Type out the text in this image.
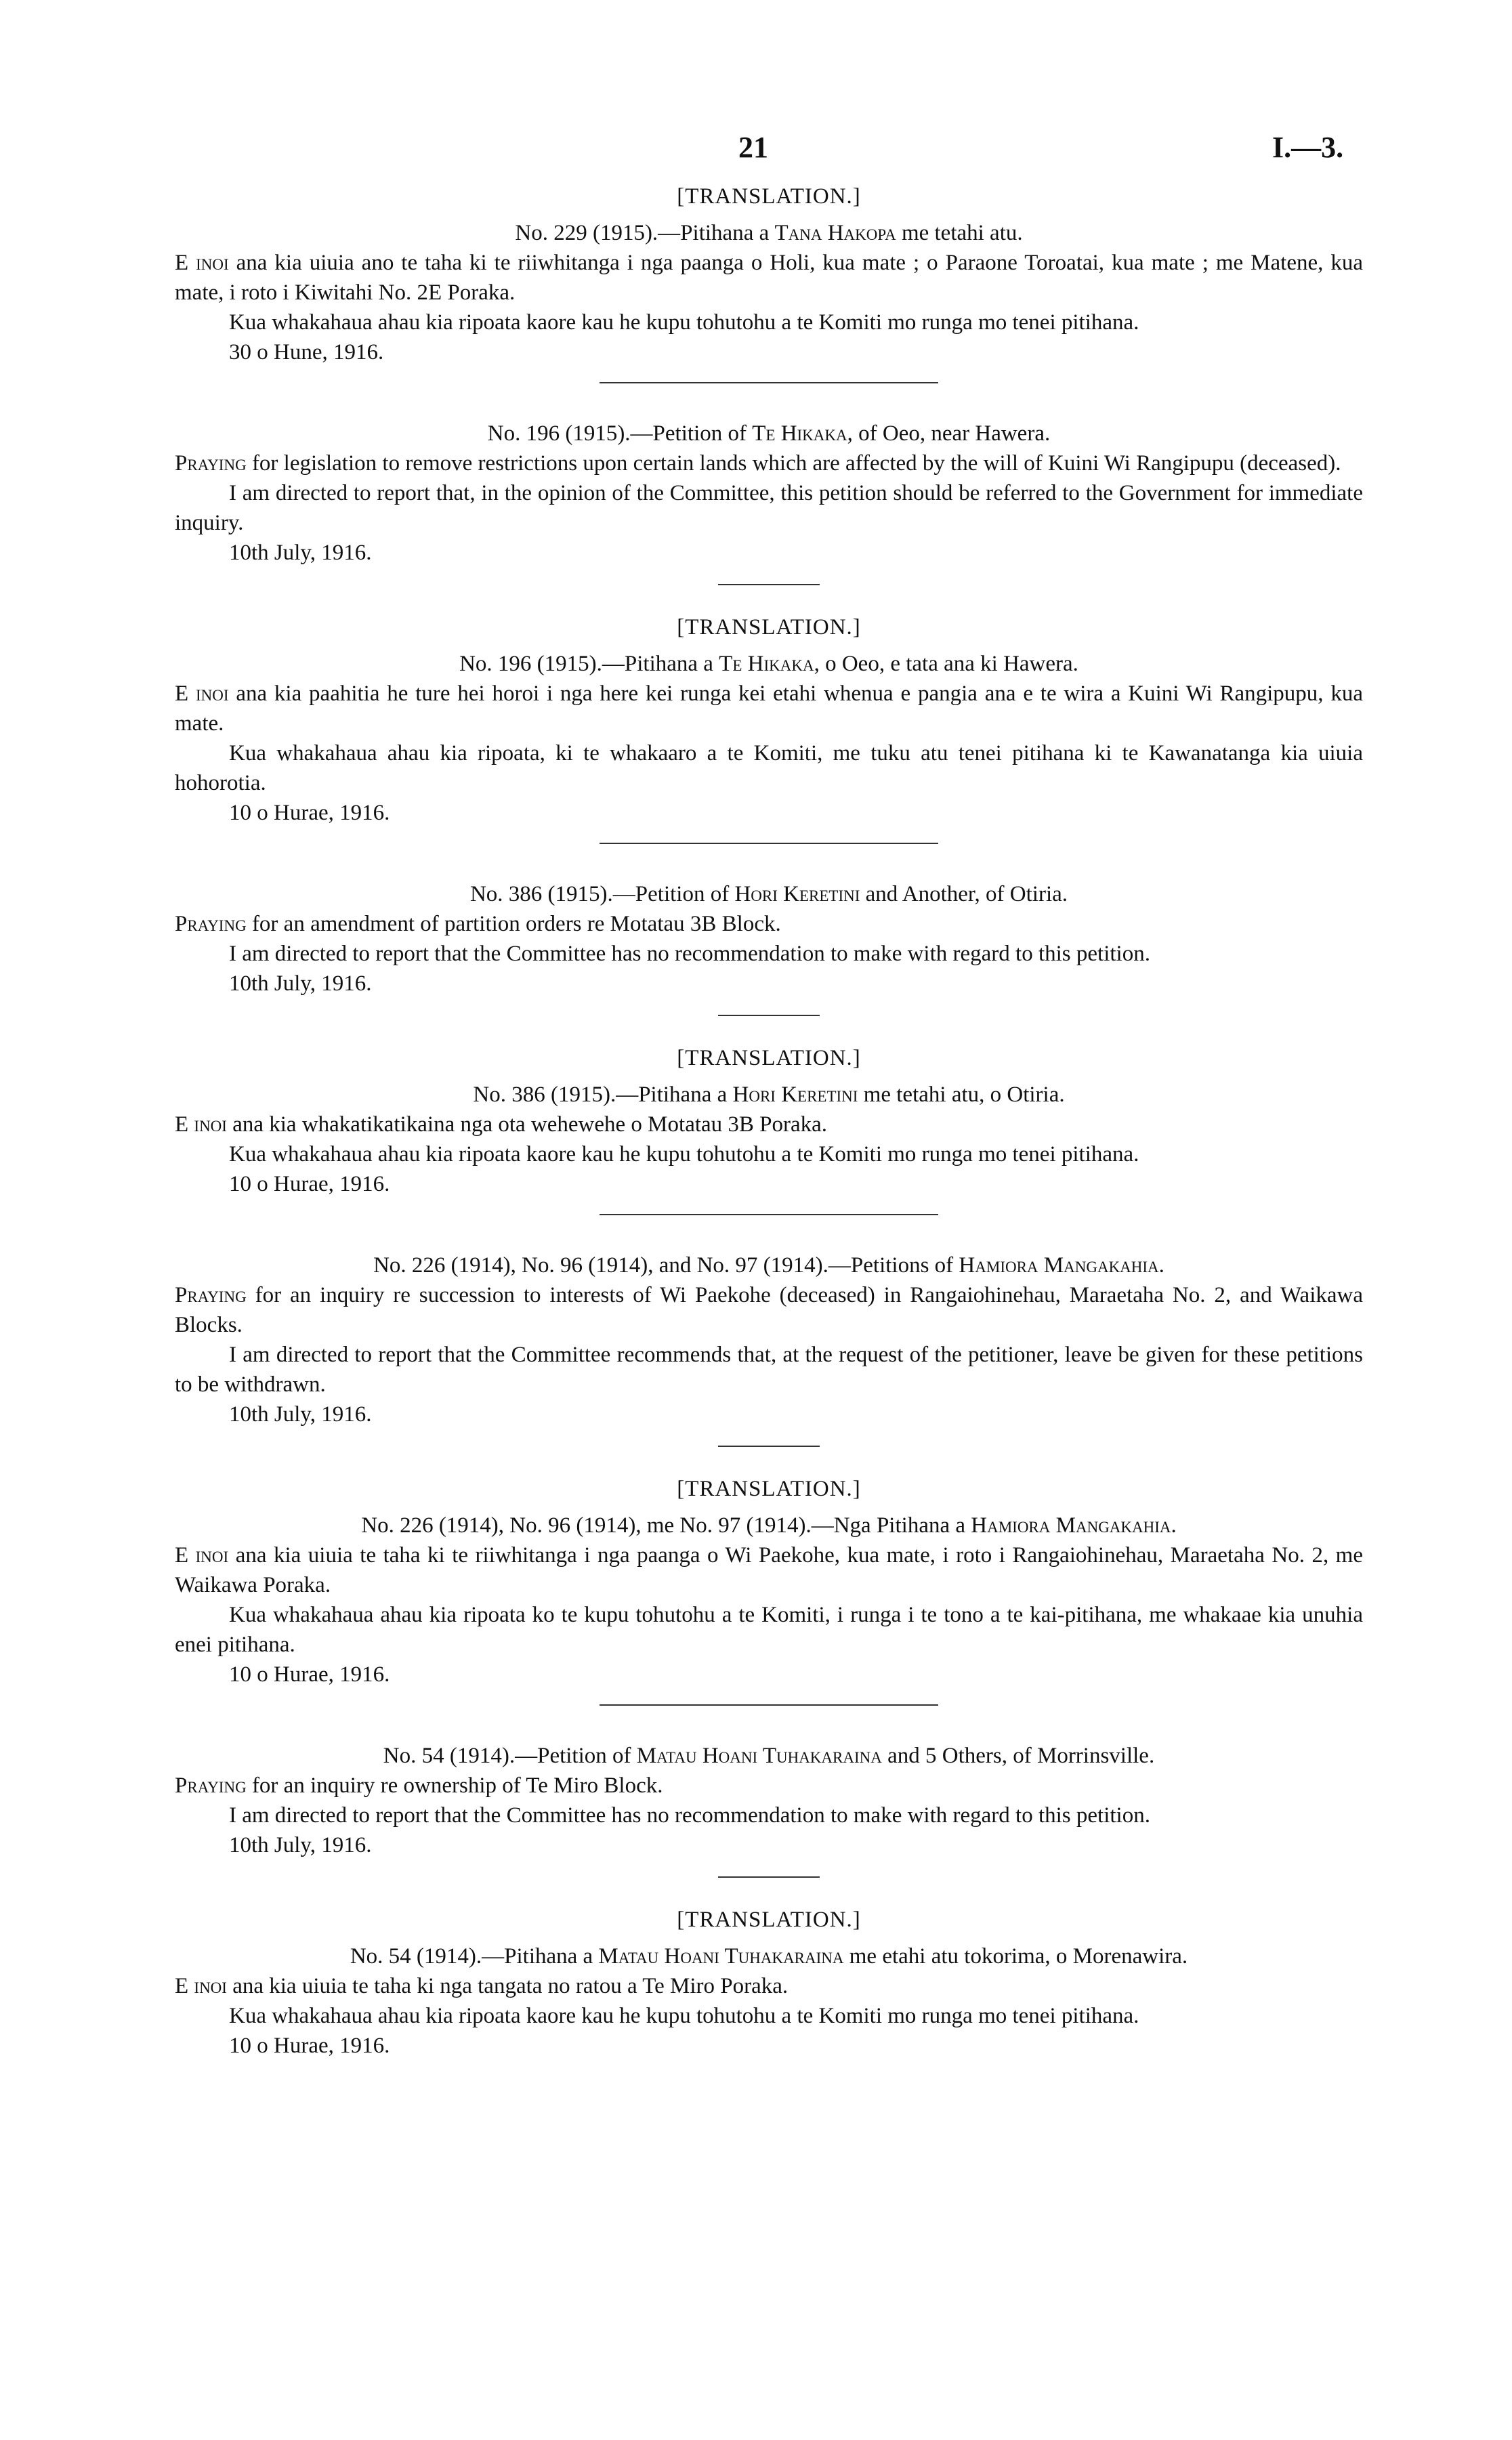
21	I.—3.

[TRANSLATION.]

No. 229 (1915).—Pitihana a Tana Hakopa me tetahi atu.

E inoi ana kia uiuia ano te taha ki te riiwhitanga i nga paanga o Holi, kua mate ; o Paraone Toroatai, kua mate ; me Matene, kua mate, i roto i Kiwitahi No. 2E Poraka.

Kua whakahaua ahau kia ripoata kaore kau he kupu tohutohu a te Komiti mo runga mo tenei pitihana.

30 o Hune, 1916.

No. 196 (1915).—Petition of Te Hikaka, of Oeo, near Hawera.

Praying for legislation to remove restrictions upon certain lands which are affected by the will of Kuini Wi Rangipupu (deceased).

I am directed to report that, in the opinion of the Committee, this petition should be referred to the Government for immediate inquiry.

10th July, 1916.

[TRANSLATION.]

No. 196 (1915).—Pitihana a Te Hikaka, o Oeo, e tata ana ki Hawera.

E inoi ana kia paahitia he ture hei horoi i nga here kei runga kei etahi whenua e pangia ana e te wira a Kuini Wi Rangipupu, kua mate.

Kua whakahaua ahau kia ripoata, ki te whakaaro a te Komiti, me tuku atu tenei pitihana ki te Kawanatanga kia uiuia hohorotia.

10 o Hurae, 1916.

No. 386 (1915).—Petition of Hori Keretini and Another, of Otiria.

Praying for an amendment of partition orders re Motatau 3B Block.

I am directed to report that the Committee has no recommendation to make with regard to this petition.

10th July, 1916.

[TRANSLATION.]

No. 386 (1915).—Pitihana a Hori Keretini me tetahi atu, o Otiria.

E inoi ana kia whakatikatikaina nga ota wehewehe o Motatau 3B Poraka.

Kua whakahaua ahau kia ripoata kaore kau he kupu tohutohu a te Komiti mo runga mo tenei pitihana.

10 o Hurae, 1916.

No. 226 (1914), No. 96 (1914), and No. 97 (1914).—Petitions of Hamiora Mangakahia.

Praying for an inquiry re succession to interests of Wi Paekohe (deceased) in Rangaiohinehau, Maraetaha No. 2, and Waikawa Blocks.

I am directed to report that the Committee recommends that, at the request of the petitioner, leave be given for these petitions to be withdrawn.

10th July, 1916.

[TRANSLATION.]

No. 226 (1914), No. 96 (1914), me No. 97 (1914).—Nga Pitihana a Hamiora Mangakahia.

E inoi ana kia uiuia te taha ki te riiwhitanga i nga paanga o Wi Paekohe, kua mate, i roto i Rangaiohinehau, Maraetaha No. 2, me Waikawa Poraka.

Kua whakahaua ahau kia ripoata ko te kupu tohutohu a te Komiti, i runga i te tono a te kai-pitihana, me whakaae kia unuhia enei pitihana.

10 o Hurae, 1916.

No. 54 (1914).—Petition of Matau Hoani Tuhakaraina and 5 Others, of Morrinsville.

Praying for an inquiry re ownership of Te Miro Block.

I am directed to report that the Committee has no recommendation to make with regard to this petition.

10th July, 1916.

[TRANSLATION.]

No. 54 (1914).—Pitihana a Matau Hoani Tuhakaraina me etahi atu tokorima, o Morenawira.

E inoi ana kia uiuia te taha ki nga tangata no ratou a Te Miro Poraka.

Kua whakahaua ahau kia ripoata kaore kau he kupu tohutohu a te Komiti mo runga mo tenei pitihana.

10 o Hurae, 1916.
